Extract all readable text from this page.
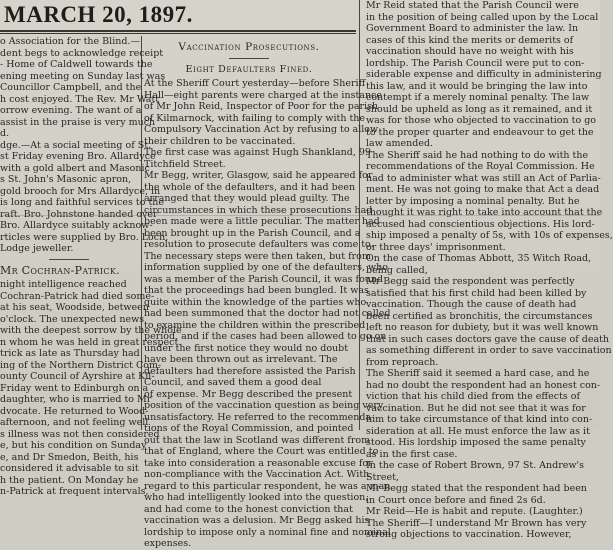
MARCH 20, 1897.
o Association for the Blind.—
dent begs to acknowledge receipt
- Home of Caldwell towards the
ening meeting on Sunday last was
Councillor Campbell, and the
h cost enjoyed. The Rev. Mr Watt
orrow evening. The want of a
assist in the praise is very much
d.
dge.—At a social meeting of St.
st Friday evening Bro. Allardyce
with a gold albert and Masonic
s St. John's Masonic apron,
gold brooch for Mrs Allardyce, in
is long and faithful services to the
raft. Bro. Johnstone handed over
Bro. Allardyce suitably acknow-
rticles were supplied by Bro. Loch,
Lodge jeweller.
Mr Cochran-Patrick.
night intelligence reached
Cochran-Patrick had died some-
at his seat, Woodside, between
o'clock. The unexpected news
with the deepest sorrow by the whole
n whom he was held in great respect.
trick as late as Thursday had
ing of the Northern District Com-
ounty Council of Ayrshire at Kil-
Friday went to Edinburgh on a
daughter, who is married to Mr
dvocate. He returned to Wood-
afternoon, and not feeling well
s illness was not then considered
e, but his condition on Sunday
e, and Dr Smedon, Beith, his
considered it advisable to sit
h the patient. On Monday he
n-Patrick at frequent intervals,
Vaccination Prosecutions.
Eight Defaulters Fined.
At the Sheriff Court yesterday—before Sheriff
Hall—eight parents were charged at the instance
of Mr John Reid, Inspector of Poor for the parish
of Kilmarnock, with failing to comply with the
Compulsory Vaccination Act by refusing to allow
their children to be vaccinated.
The first case was against Hugh Shankland, 99
Titchfield Street.
Mr Begg, writer, Glasgow, said he appeared for
the whole of the defaulters, and it had been
arranged that they would plead guilty. The
circumstances in which these prosecutions had
been made were a little peculiar. The matter had
been brought up in the Parish Council, and a
resolution to prosecute defaulters was come to.
The necessary steps were then taken, but from
information supplied by one of the defaulters, who
was a member of the Parish Council, it was found
that the proceedings had been bungled. It was
quite within the knowledge of the parties who
had been summoned that the doctor had not called
to examine the children within the prescribed
period, and if the cases had been allowed to go on
under the first notice they would no doubt
have been thrown out as irrelevant. The
defaulters had therefore assisted the Parish
Council, and saved them a good deal
of expense. Mr Begg described the present
position of the vaccination question as being very
unsatisfactory. He referred to the recommenda-
tions of the Royal Commission, and pointed
out that the law in Scotland was different from
that of England, where the Court was entitled to
take into consideration a reasonable excuse for
non-compliance with the Vaccination Act. With
regard to this particular respondent, he was a man
who had intelligently looked into the question,
and had come to the honest conviction that
vaccination was a delusion. Mr Begg asked his
lordship to impose only a nominal fine and nominal
expenses.
Mr Reid stated that the Parish Council were
in the position of being called upon by the Local
Government Board to administer the law. In
cases of this kind the merits or demerits of
vaccination should have no weight with his
lordship. The Parish Council were put to con-
siderable expense and difficulty in administering
this law, and it would be bringing the law into
contempt if a merely nominal penalty. The law
should be upheld as long as it remained, and it
was for those who objected to vaccination to go
to the proper quarter and endeavour to get the
law amended.
The Sheriff said he had nothing to do with the
recommendations of the Royal Commission. He
had to administer what was still an Act of Parlia-
ment. He was not going to make that Act a dead
letter by imposing a nominal penalty. But he
thought it was right to take into account that the
accused had conscientious objections. His lord-
ship imposed a penalty of 5s, with 10s of expenses,
or three days' imprisonment.
On the case of Thomas Abbott, 35 Witch Road,
being called,
Mr Begg said the respondent was perfectly
satisfied that his first child had been killed by
vaccination. Though the cause of death had
been certified as bronchitis, the circumstances
left no reason for dubiety, but it was well known
that in such cases doctors gave the cause of death
as something different in order to save vaccination
from reproach.
The Sheriff said it seemed a hard case, and he
had no doubt the respondent had an honest con-
viction that his child died from the effects of
vaccination. But he did not see that it was for
him to take circumstance of that kind into con-
sideration at all. He must enforce the law as it
stood. His lordship imposed the same penalty
as in the first case.
In the case of Robert Brown, 97 St. Andrew's
Street,
Mr Begg stated that the respondent had been
in Court once before and fined 2s 6d.
Mr Reid—He is habit and repute. (Laughter.)
The Sheriff—I understand Mr Brown has very
strong objections to vaccination. However,
